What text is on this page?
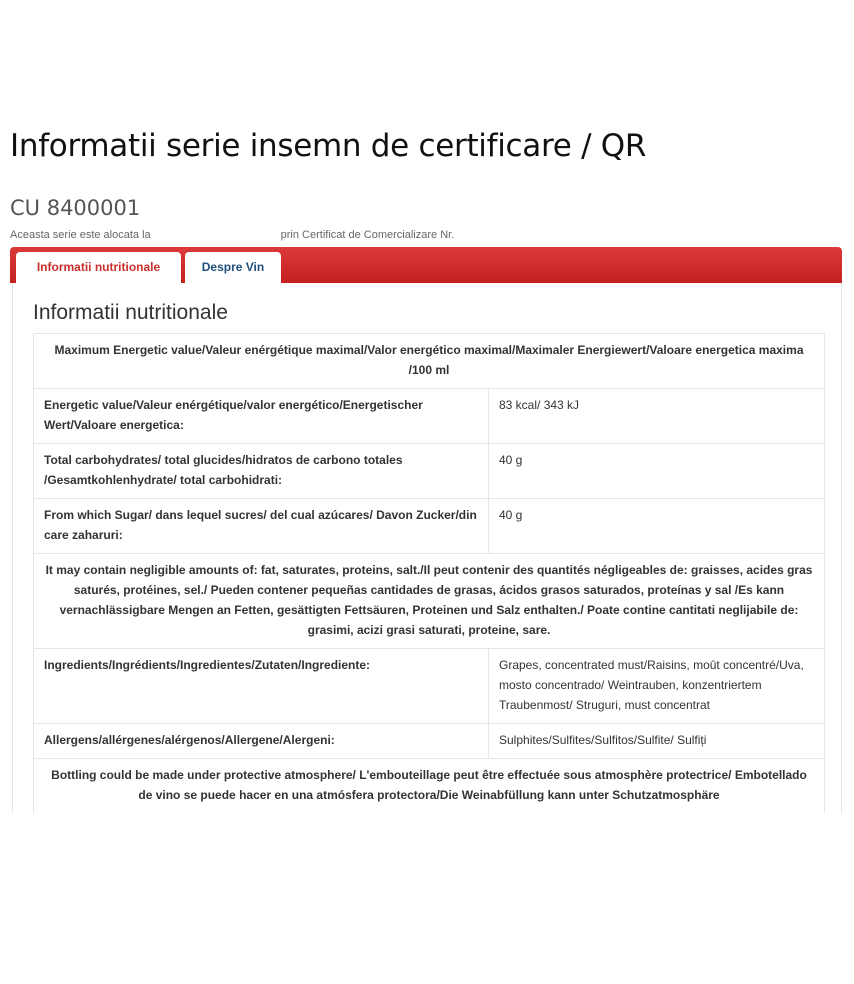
Informatii serie insemn de certificare / QR
CU 8400001
Aceasta serie este alocata la	prin Certificat de Comercializare Nr.
Informatii nutritionale	Despre Vin
Informatii nutritionale
Maximum Energetic value/Valeur enérgétique maximal/Valor energético maximal/Maximaler Energiewert/Valoare energetica maxima /100 ml	
Energetic value/Valeur enérgétique/valor energético/Energetischer Wert/Valoare energetica:	83 kcal/ 343 kJ
Total carbohydrates/ total glucides/hidratos de carbono totales /Gesamtkohlenhydrate/ total carbohidrati:	40 g
From which Sugar/ dans lequel sucres/ del cual azúcares/ Davon Zucker/din care zaharuri:	40 g
It may contain negligible amounts of: fat, saturates, proteins, salt./Il peut contenir des quantités négligeables de: graisses, acides gras saturés, protéines, sel./ Pueden contener pequeñas cantidades de grasas, ácidos grasos saturados, proteínas y sal /Es kann vernachlässigbare Mengen an Fetten, gesättigten Fettsäuren, Proteinen und Salz enthalten./ Poate contine cantitati neglijabile de: grasimi, acizi grasi saturati, proteine, sare.	
Ingredients/Ingrédients/Ingredientes/Zutaten/Ingrediente:	Grapes, concentrated must/Raisins, moût concentré/Uva, mosto concentrado/ Weintrauben, konzentriertem Traubenmost/ Struguri, must concentrat
Allergens/allérgenes/alérgenos/Allergene/Alergeni:	Sulphites/Sulfites/Sulfitos/Sulfite/ Sulfiți
Bottling could be made under protective atmosphere/ L'embouteillage peut être effectuée sous atmosphère protectrice/ Embotellado de vino se puede hacer en una atmósfera protectora/Die Weinabfüllung kann unter Schutzatmosphäre	
